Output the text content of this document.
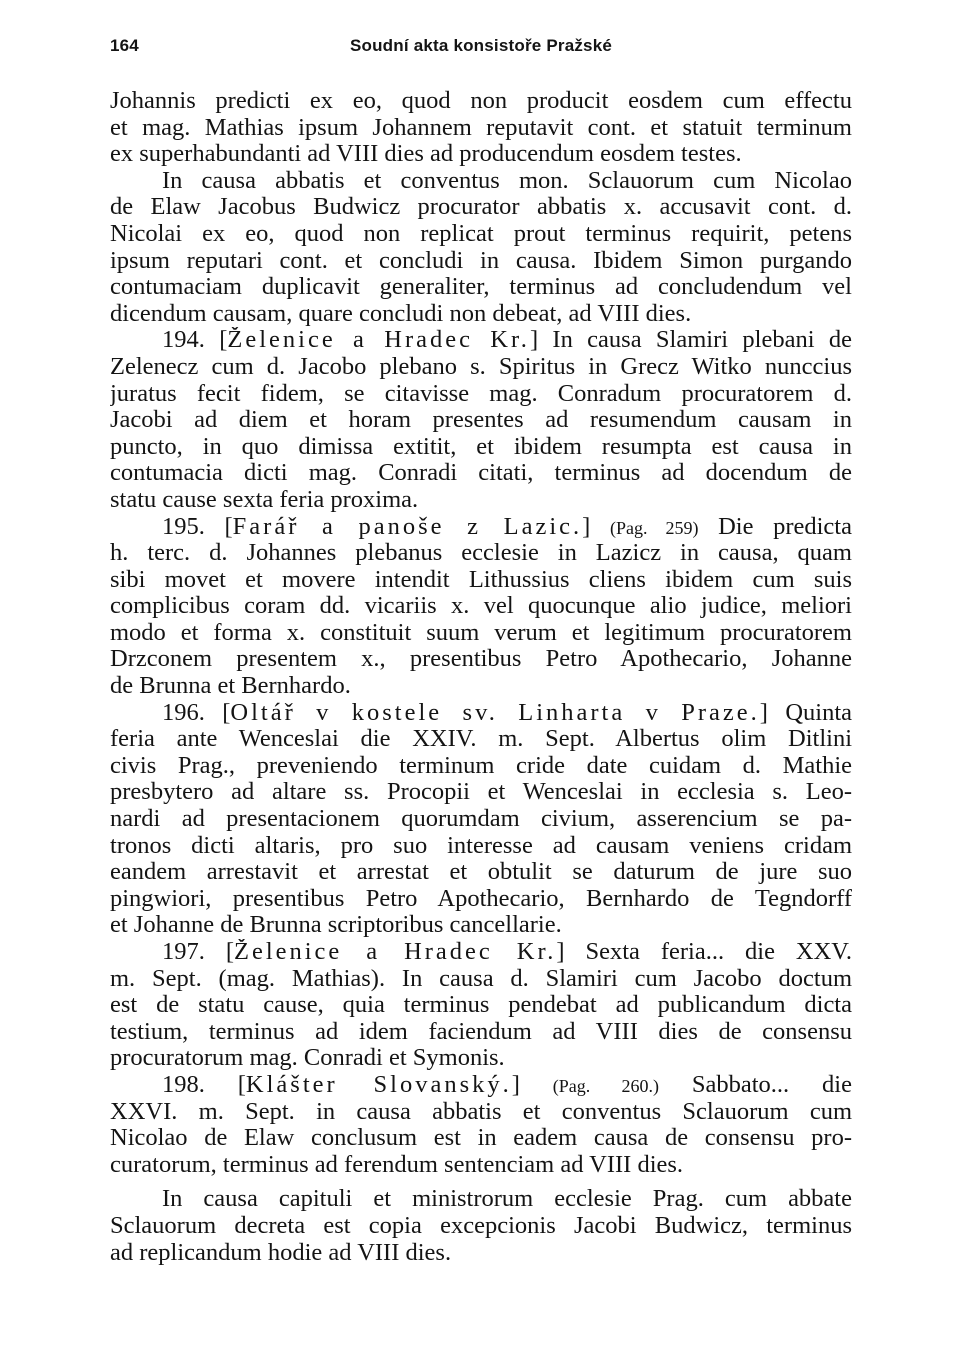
164	Soudní akta konsistoře Pražské
Johannis predicti ex eo, quod non producit eosdem cum effectu
et mag. Mathias ipsum Johannem reputavit cont. et statuit terminum
ex superhabundanti ad VIII dies ad producendum eosdem testes.
In causa abbatis et conventus mon. Sclauorum cum Nicolao
de Elaw Jacobus Budwicz procurator abbatis x. accusavit cont. d.
Nicolai ex eo, quod non replicat prout terminus requirit, petens
ipsum reputari cont. et concludi in causa. Ibidem Simon purgando
contumaciam duplicavit generaliter, terminus ad concludendum vel
dicendum causam, quare concludi non debeat, ad VIII dies.
194. [Želenice a Hradec Kr.] In causa Slamiri plebani de
Zelenecz cum d. Jacobo plebano s. Spiritus in Grecz Witko nunccius
juratus fecit fidem, se citavisse mag. Conradum procuratorem d.
Jacobi ad diem et horam presentes ad resumendum causam in
puncto, in quo dimissa extitit, et ibidem resumpta est causa in
contumacia dicti mag. Conradi citati, terminus ad docendum de
statu cause sexta feria proxima.
195. [Farář a panoše z Lazic.] (Pag. 259) Die predicta
h. terc. d. Johannes plebanus ecclesie in Lazicz in causa, quam
sibi movet et movere intendit Lithussius cliens ibidem cum suis
complicibus coram dd. vicariis x. vel quocunque alio judice, meliori
modo et forma x. constituit suum verum et legitimum procuratorem
Drzconem presentem x., presentibus Petro Apothecario, Johanne
de Brunna et Bernhardo.
196. [Oltář v kostele sv. Linharta v Praze.] Quinta
feria ante Wenceslai die XXIV. m. Sept. Albertus olim Ditlini
civis Prag., preveniendo terminum cride date cuidam d. Mathie
presbytero ad altare ss. Procopii et Wenceslai in ecclesia s. Leo-
nardi ad presentacionem quorumdam civium, asserencium se pa-
tronos dicti altaris, pro suo interesse ad causam veniens cridam
eandem arrestavit et arrestat et obtulit se daturum de jure suo
pingwiori, presentibus Petro Apothecario, Bernhardo de Tegndorff
et Johanne de Brunna scriptoribus cancellarie.
197. [Želenice a Hradec Kr.] Sexta feria... die XXV.
m. Sept. (mag. Mathias). In causa d. Slamiri cum Jacobo doctum
est de statu cause, quia terminus pendebat ad publicandum dicta
testium, terminus ad idem faciendum ad VIII dies de consensu
procuratorum mag. Conradi et Symonis.
198. [Klášter Slovanský.] (Pag. 260.) Sabbato... die
XXVI. m. Sept. in causa abbatis et conventus Sclauorum cum
Nicolao de Elaw conclusum est in eadem causa de consensu pro-
curatorum, terminus ad ferendum sentenciam ad VIII dies.
In causa capituli et ministrorum ecclesie Prag. cum abbate
Sclauorum decreta est copia excepcionis Jacobi Budwicz, terminus
ad replicandum hodie ad VIII dies.
